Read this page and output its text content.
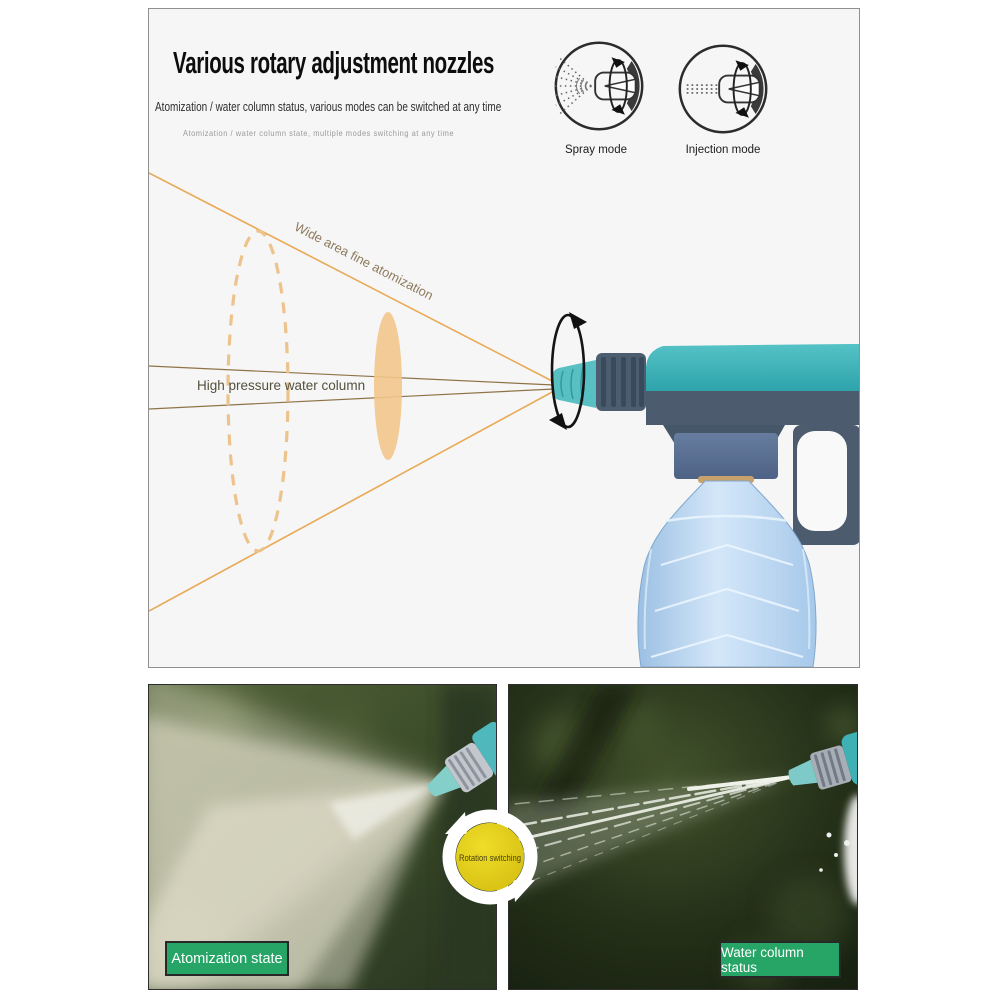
Various rotary adjustment nozzles
Atomization / water column status, various modes can be switched at any time
Atomization / water column state, multiple modes switching at any time
Spray mode	Injection mode
Wide area fine atomization
High pressure water column
Rotation switching
Atomization state	Water column status
